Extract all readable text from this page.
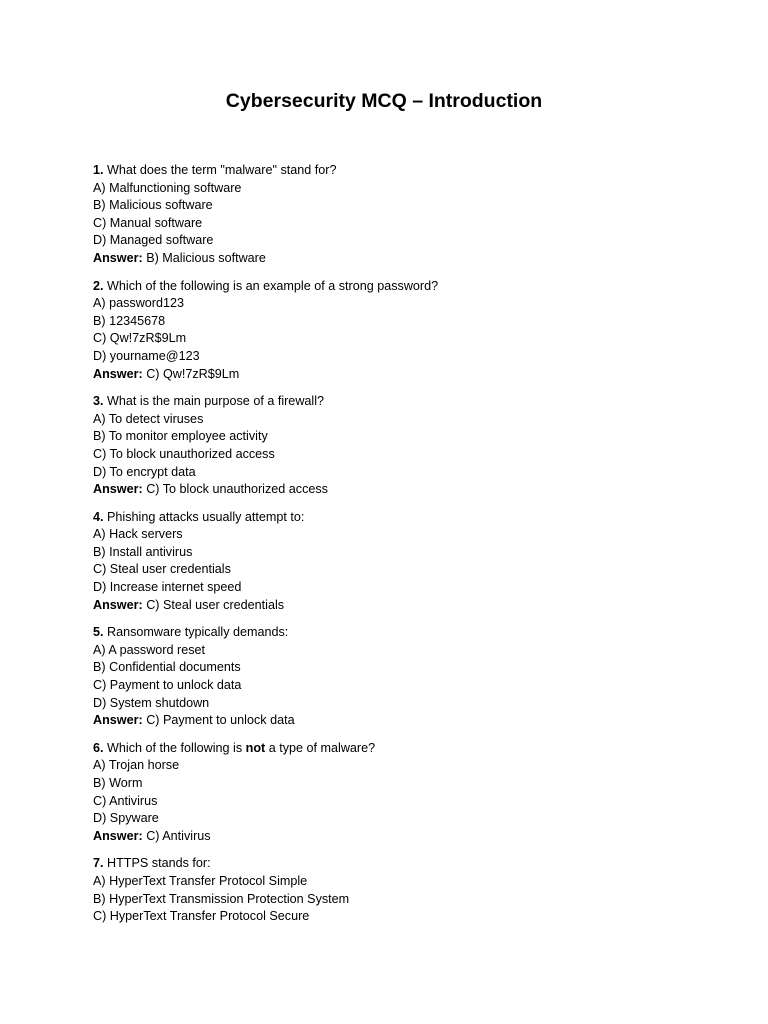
Cybersecurity MCQ – Introduction
1. What does the term "malware" stand for?
A) Malfunctioning software
B) Malicious software
C) Manual software
D) Managed software
Answer: B) Malicious software
2. Which of the following is an example of a strong password?
A) password123
B) 12345678
C) Qw!7zR$9Lm
D) yourname@123
Answer: C) Qw!7zR$9Lm
3. What is the main purpose of a firewall?
A) To detect viruses
B) To monitor employee activity
C) To block unauthorized access
D) To encrypt data
Answer: C) To block unauthorized access
4. Phishing attacks usually attempt to:
A) Hack servers
B) Install antivirus
C) Steal user credentials
D) Increase internet speed
Answer: C) Steal user credentials
5. Ransomware typically demands:
A) A password reset
B) Confidential documents
C) Payment to unlock data
D) System shutdown
Answer: C) Payment to unlock data
6. Which of the following is not a type of malware?
A) Trojan horse
B) Worm
C) Antivirus
D) Spyware
Answer: C) Antivirus
7. HTTPS stands for:
A) HyperText Transfer Protocol Simple
B) HyperText Transmission Protection System
C) HyperText Transfer Protocol Secure
